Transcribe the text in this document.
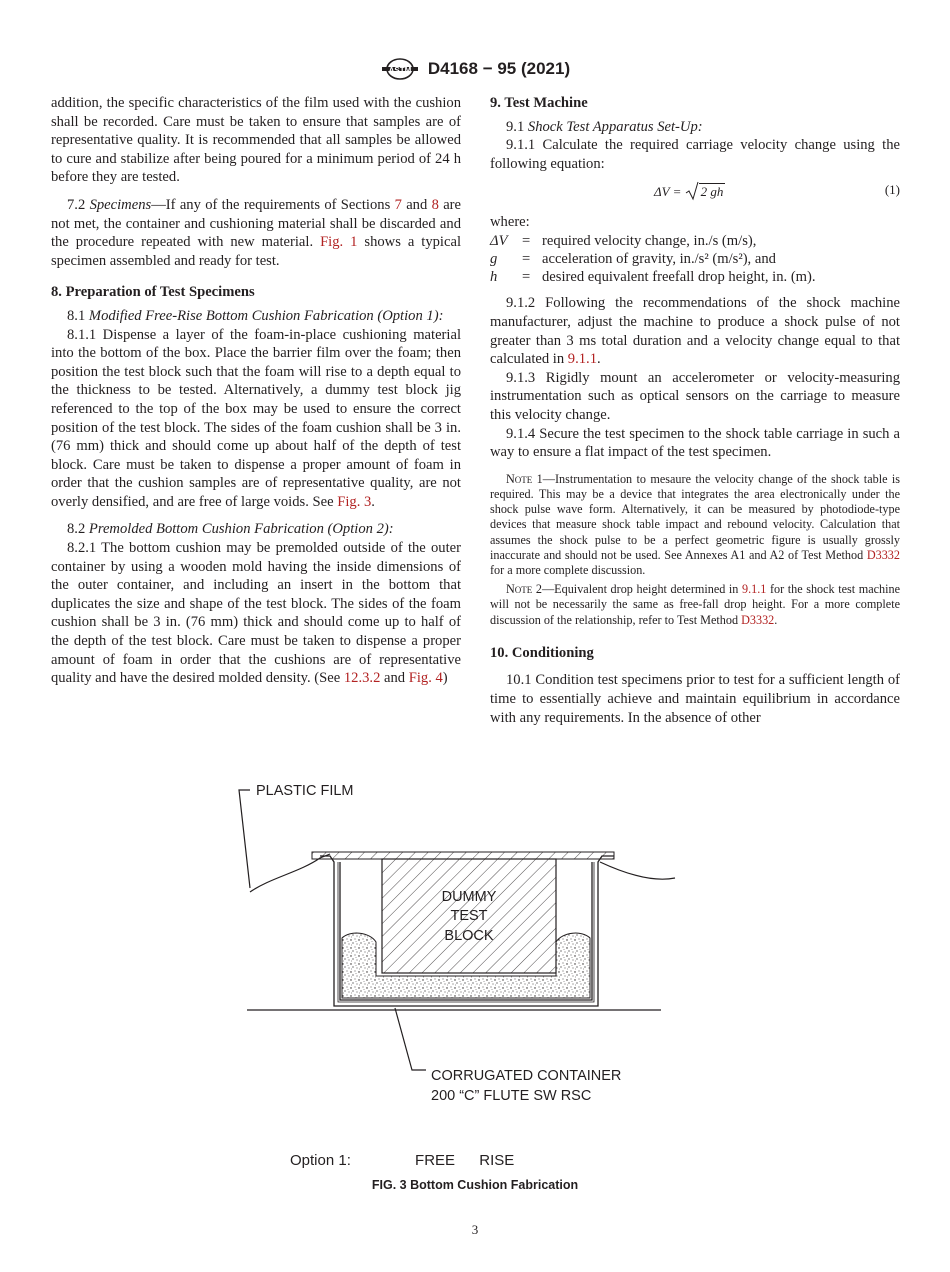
ASTM D4168 − 95 (2021)

addition, the specific characteristics of the film used with the cushion shall be recorded. Care must be taken to ensure that samples are of representative quality. It is recommended that all samples be allowed to cure and stabilize after being poured for a minimum period of 24 h before they are tested.

7.2 Specimens—If any of the requirements of Sections 7 and 8 are not met, the container and cushioning material shall be discarded and the procedure repeated with new material. Fig. 1 shows a typical specimen assembled and ready for test.

8. Preparation of Test Specimens

8.1 Modified Free-Rise Bottom Cushion Fabrication (Option 1):

8.1.1 Dispense a layer of the foam-in-place cushioning material into the bottom of the box. Place the barrier film over the foam; then position the test block such that the foam will rise to a depth equal to the thickness to be tested. Alternatively, a dummy test block jig referenced to the top of the box may be used to ensure the correct position of the test block. The sides of the foam cushion shall be 3 in. (76 mm) thick and should come up about half of the depth of test block. Care must be taken to dispense a proper amount of foam in order that the cushion samples are of representative quality, are not overly densified, and are free of large voids. See Fig. 3.

8.2 Premolded Bottom Cushion Fabrication (Option 2):

8.2.1 The bottom cushion may be premolded outside of the outer container by using a wooden mold having the inside dimensions of the outer container, and including an insert in the bottom that duplicates the size and shape of the test block. The sides of the foam cushion shall be 3 in. (76 mm) thick and should come up to half of the depth of the test block. Care must be taken to dispense a proper amount of foam in order that the cushions are of representative quality and have the desired molded density. (See 12.3.2 and Fig. 4)

9. Test Machine

9.1 Shock Test Apparatus Set-Up:

9.1.1 Calculate the required carriage velocity change using the following equation:

ΔV = 2 gh	(1)

where:

ΔV = required velocity change, in./s (m/s),
g = acceleration of gravity, in./s² (m/s²), and
h = desired equivalent freefall drop height, in. (m).

9.1.2 Following the recommendations of the shock machine manufacturer, adjust the machine to produce a shock pulse of not greater than 3 ms total duration and a velocity change equal to that calculated in 9.1.1.

9.1.3 Rigidly mount an accelerometer or velocity-measuring instrumentation such as optical sensors on the carriage to measure this velocity change.

9.1.4 Secure the test specimen to the shock table carriage in such a way to ensure a flat impact of the test specimen.

Note 1—Instrumentation to mesaure the velocity change of the shock table is required. This may be a device that integrates the area electronically under the shock pulse wave form. Alternatively, it can be measured by photodiode-type devices that measure shock table impact and rebound velocity. Calculation that assumes the shock pulse to be a perfect geometric figure is usually grossly inaccurate and should not be used. See Annexes A1 and A2 of Test Method D3332 for a more complete discussion.

Note 2—Equivalent drop height determined in 9.1.1 for the shock test machine will not be necessarily the same as free-fall drop height. For a more complete discussion of the relationship, refer to Test Method D3332.

10. Conditioning

10.1 Condition test specimens prior to test for a sufficient length of time to essentially achieve and maintain equilibrium in accordance with any requirements. In the absence of other

DUMMY
TEST
BLOCK
PLASTIC FILM
CORRUGATED CONTAINER
200 “C” FLUTE SW RSC
Option 1:	FREE RISE
FIG. 3 Bottom Cushion Fabrication
3
